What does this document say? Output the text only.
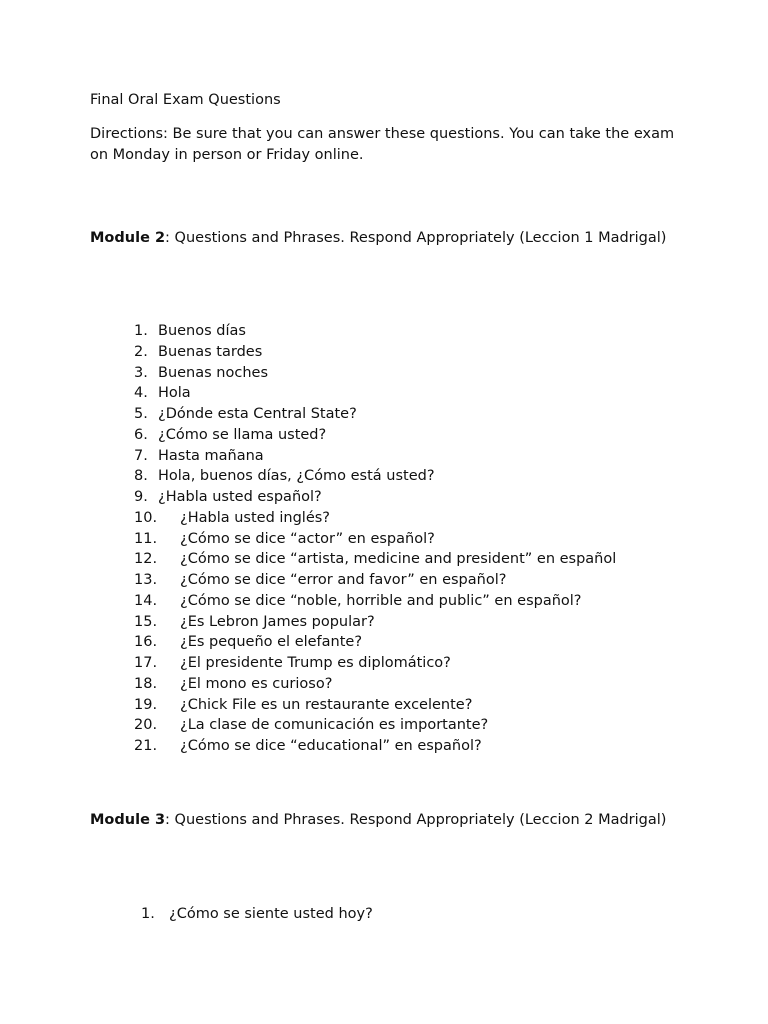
Final Oral Exam Questions
Directions: Be sure that you can answer these questions. You can take the exam on Monday in person or Friday online.
Module 2: Questions and Phrases. Respond Appropriately (Leccion 1 Madrigal)
1. Buenos días
2. Buenas tardes
3. Buenas noches
4. Hola
5. ¿Dónde esta Central State?
6. ¿Cómo se llama usted?
7. Hasta mañana
8. Hola, buenos días, ¿Cómo está usted?
9. ¿Habla usted español?
10. ¿Habla usted inglés?
11. ¿Cómo se dice “actor” en español?
12. ¿Cómo se dice “artista, medicine and president” en español
13. ¿Cómo se dice “error and favor” en español?
14. ¿Cómo se dice “noble, horrible and public” en español?
15. ¿Es Lebron James popular?
16. ¿Es pequeño el elefante?
17. ¿El presidente Trump es diplomático?
18. ¿El mono es curioso?
19. ¿Chick File es un restaurante excelente?
20. ¿La clase de comunicación es importante?
21. ¿Cómo se dice “educational” en español?
Module 3: Questions and Phrases. Respond Appropriately (Leccion 2 Madrigal)
1. ¿Cómo se siente usted hoy?
